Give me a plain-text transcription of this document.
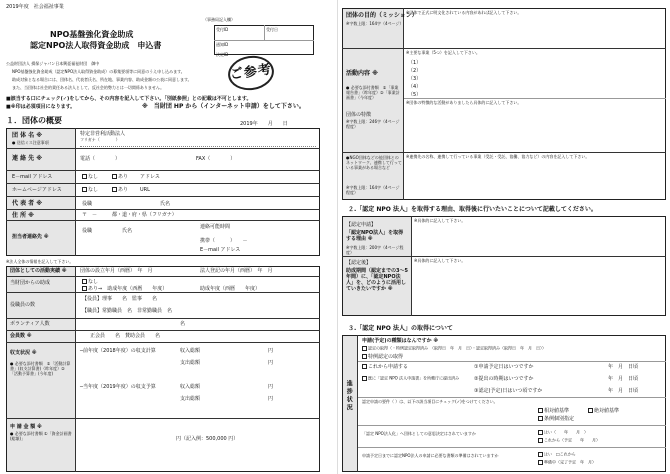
2019年度　社会福祉事業
NPO基盤強化資金助成
認定NPO法人取得資金助成　申込書
（事務局記入欄）
受付ID	受付日
通知ID
決定ID
ご参考
公益財団法人 損保ジャパン日本興亜福祉財団　御中
NPO基盤強化資金助成（認定NPO法人取得資金助成）の募集要項等に同意のうえ申し込みます。
助成対象となる場合には、団体名、代表者氏名、所在地、事業内容、助成金額の公表に同意します。
また、当団体は社会的責任ある法人として、反社会的勢力とは一切関係ありません。
■該当する口にチェック(✓)をしてから、その内容を記入して下さい。「別紙参照」との記載は不可とします。
■※印は必須項目になります。	※　当財団 HP から（インターネット申請）をして下さい。
１．団体の概要	2019年　　月　　日
団 体 名 ※
● 送信ミス注意事項
特定非営利活動法人
フリガナ（　　　　）
連 絡 先 ※	電話（　　　　）	FAX（　　　　）
E－mail アドレス	なし	あり アドレス
ホームページアドレス	なし	あり URL
代 表 者 ※	役職	氏名
住 所 ※	〒　－　　　都・道・府・県（フリガナ）
担当者連絡先 ※
役職	氏名
連絡可能時間
携帯（　　　）　　－
E－mail アドレス
※法人全体の情報を記入して下さい。
団体としての活動実績 ※	団体の設立年月（西暦）　年　月	法人登記の年月（西暦）　年　月
当財団からの助成	なし
あり⇒　助成年度（西暦　　年度）	助成年度（西暦　　年度）
役職員の数
【役員】理事　　名　監事　　名
【職員】常勤職員　名　非常勤職員　名
ボランティア人数	名
会員数 ※	正会員　　名　賛助会員　　名
収支状況 ※
● 必要な添付書類　①「活動計算書」(収支計算書)（昨年度）②「活動予算書」(今年度)
─前年度（2018年度）の収支計算	収入総額	円
支出総額	円
─当年度（2019年度）の収支予算	収入総額	円
支出総額	円
申 請 金 額 ※
● 必要な添付書類 ①「資金計画書(総額)」	円（記入例：500,000 円）
団体の目的（ミッション）
※字数上限：164字（4ページ）
※団体で正式に明文化されている内容があれば記入して下さい。
活動内容 ※
● 必要な添付書類　①「事業報告書」（昨年度）②「事業計画書」（今年度）
※主要な事業（5つ）を記入して下さい。
（1）
（2）
（3）
（4）
（5）
※団体の特徴的な活動がありましたら具体的に記入して下さい。
団体の特徴
※字数上限：246字（4ページ程度）
●NGO団体などの他団体とのネットワーク、連携して行っている事業がある場合など
※字数上限：164字（4ページ程度）
※連携先の名称、連携して行っている事業（受託・受託、協働、協力など）の内容を記入して下さい。
２.「認定 NPO 法人」を取得する理由、取得後に行いたいことについて記載してください。
【認定申請】
「認定NPO法人」を取得する理由 ※
※字数上限：200字（4ページ程度）
※具体的に記入して下さい。
【認定後】
助成期間（認定までの3～5年間）に、「認定NPO法人」を、どのように活用していきたいですか ※
※具体的に記入して下さい。
３.「認定 NPO 法人」の取得について
進捗状況
申請(予定)の種類はなんですか ※
認定の取得（・特例認定取得済み　（取得日　年　月　日）・認定取得済み（取得日　年　月　日））
特例認定の取得
これから申請する	①申請予定日はいつですか	年　月　日頃
既に「認定 NPO 法人申請書」を所轄庁に提出済み	②提出の時期はいつですか	年　月　日頃
③認定(予定)日はいつ頃ですか	年　月　日頃
認定申請の要件（ ）は、以下の該当項目にチェック(✓)をつけてください。
相対値基準	絶対値基準
条例個別指定
「認定 NPO法人化」へ団体としての意思決定はされていますか	はい（　　年　　月　）
これから（予定　　年　　月）
申請予定日までに認定NPO法人の申請に必要な書類の準備はされていますか	はい　□これから
準備中（完了予定　年　月）
